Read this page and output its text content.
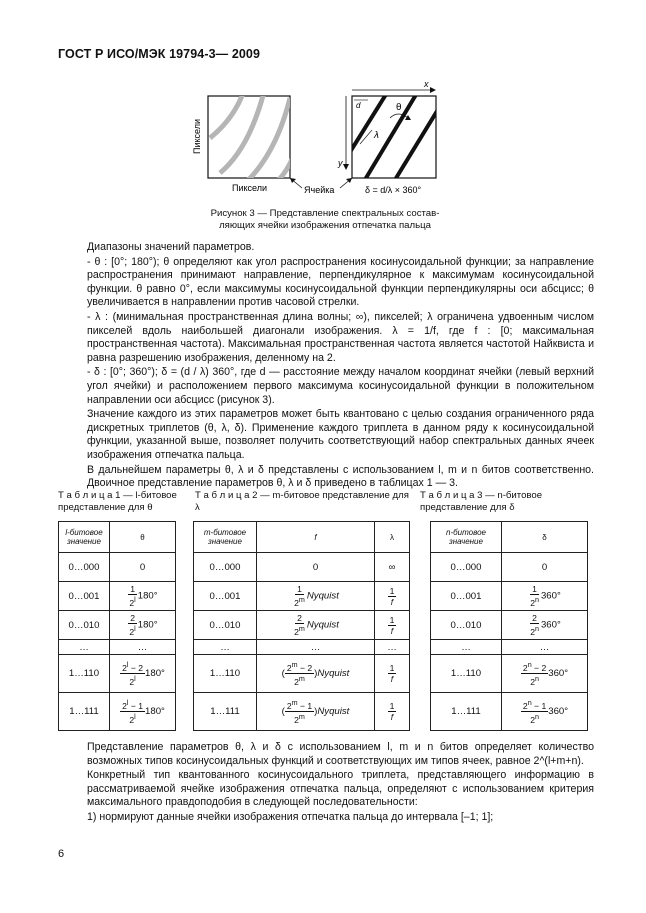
ГОСТ Р ИСО/МЭК 19794-3— 2009
Пиксели
Пиксели	Ячейка
x
y
d	θ
λ
δ = d/λ × 360°
Рисунок 3 — Представление спектральных состав-
ляющих ячейки изображения отпечатка пальца

Диапазоны значений параметров.

- θ : [0°; 180°); θ определяют как угол распространения косинусоидальной функции; за направление распространения принимают направление, перпендикулярное к максимумам косинусоидальной функции. θ равно 0°, если максимумы косинусоидальной функции перпендикулярны оси абсцисс; θ увеличивается в направлении против часовой стрелки.

- λ : (минимальная пространственная длина волны; ∞), пикселей; λ ограничена удвоенным числом пикселей вдоль наибольшей диагонали изображения. λ = 1/f, где f : [0; максимальная пространственная частота). Максимальная пространственная частота является частотой Найквиста и равна разрешению изображения, деленному на 2.

- δ : [0°; 360°); δ = (d / λ) 360°, где d — расстояние между началом координат ячейки (левый верхний угол ячейки) и расположением первого максимума косинусоидальной функции в положительном направлении оси абсцисс (рисунок 3).

Значение каждого из этих параметров может быть квантовано с целью создания ограниченного ряда дискретных триплетов (θ, λ, δ). Применение каждого триплета в данном ряду к косинусоидальной функции, указанной выше, позволяет получить соответствующий набор спектральных данных ячеек изображения отпечатка пальца.

В дальнейшем параметры θ, λ и δ представлены с использованием l, m и n битов соответственно. Двоичное представление параметров θ, λ и δ приведено в таблицах 1 — 3.

Т а б л и ц а 1 — l-битовое представление для θ
Т а б л и ц а 2 — m-битовое представление для λ
Т а б л и ц а 3 — n-битовое представление для δ
l-битовое значение	θ
0…000	0
0…001	$\frac{1}{2^l} 180^\circ$
0…010	$\frac{2}{2^l} 180^\circ$
…	…
1…110	$\frac{2^l - 2}{2^l} 180^\circ$
1…111	$\frac{2^l - 1}{2^l} 180^\circ$
m-битовое значение	f	λ
0…000	0	∞
0…001	$\frac{1}{2^m}$ Nyquist	$\frac{1}{f}$

0…010	$\frac{2}{2^m}$ Nyquist	$\frac{1}{f}$

…	…	…
1…110	( $\frac{2^m - 2}{2^m}$ )Nyquist	$\frac{1}{f}$

1…111	( $\frac{2^m - 1}{2^m}$ )Nyquist	$\frac{1}{f}$
n-битовое значение	δ
0…000	0
0…001	$\frac{1}{2^n} 360^\circ$
0…010	$\frac{2}{2^n} 360^\circ$
…	…
1…110	$\frac{2^n - 2}{2^n} 360^\circ$
1…111	$\frac{2^n - 1}{2^n} 360^\circ$

Представление параметров θ, λ и δ с использованием l, m и n битов определяет количество возможных типов косинусоидальных функций и соответствующих им типов ячеек, равное 2^(l+m+n).

Конкретный тип квантованного косинусоидального триплета, представляющего информацию в рассматриваемой ячейке изображения отпечатка пальца, определяют с использованием критерия максимального правдоподобия в следующей последовательности:

1) нормируют данные ячейки изображения отпечатка пальца до интервала [–1; 1];

6
